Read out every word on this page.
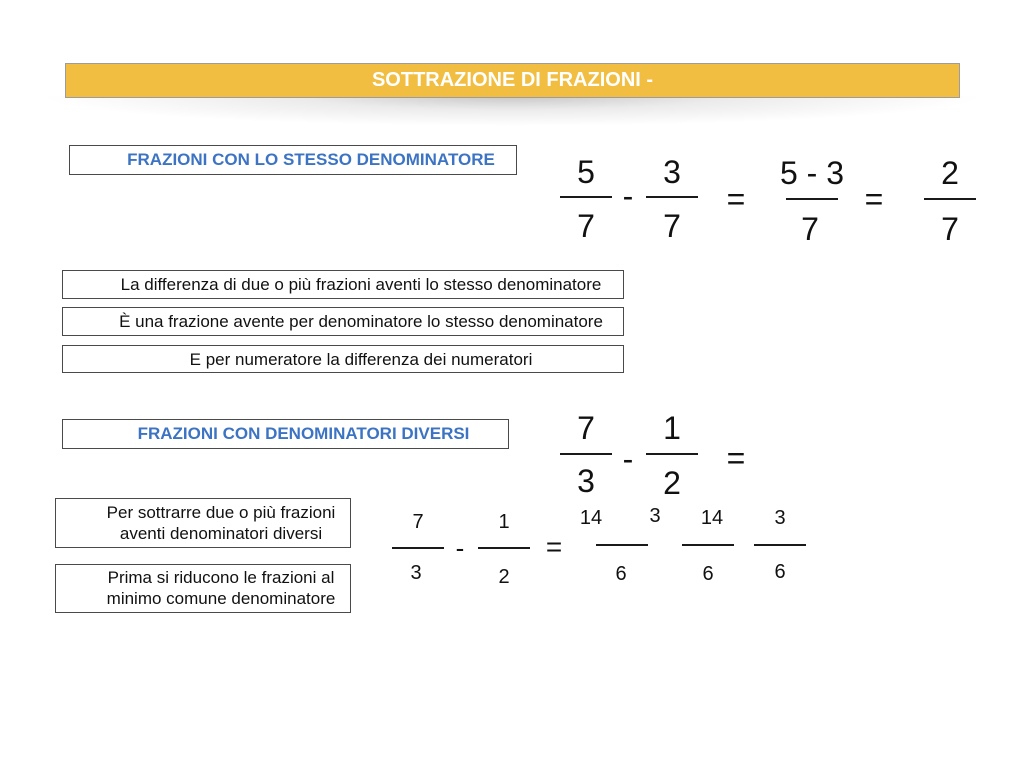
SOTTRAZIONE DI FRAZIONI -
FRAZIONI CON LO STESSO DENOMINATORE	5
7
-
3
7
=
5 - 3
7
=
2
7
La differenza di due o più frazioni aventi lo stesso denominatore
È una frazione avente per denominatore lo stesso denominatore
E per numeratore la differenza dei numeratori
FRAZIONI CON DENOMINATORI DIVERSI	7
3
-
1
2
=
Per sottrarre due o più frazioni
aventi denominatori diversi
Prima si riducono le frazioni al
minimo comune denominatore
7
3
-
1
2
=
14	3
6
14
6
3
6
